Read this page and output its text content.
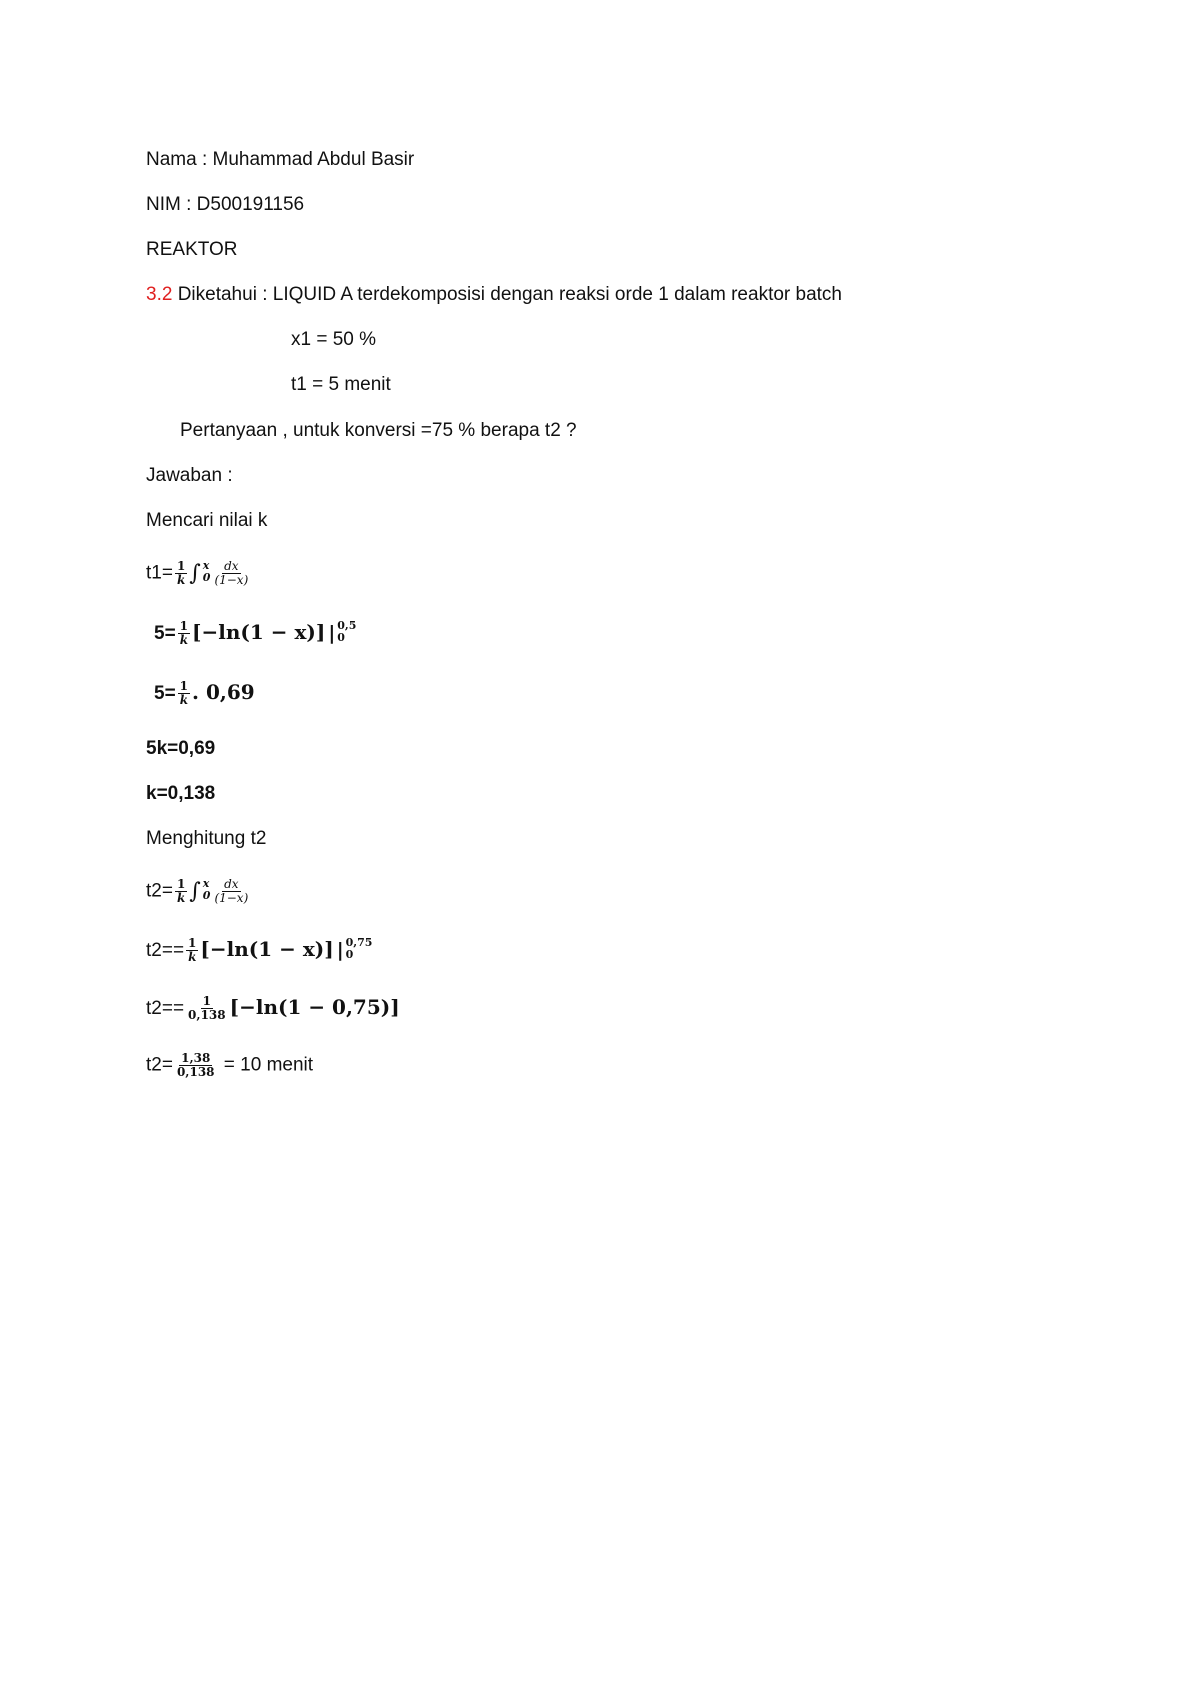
Nama : Muhammad Abdul Basir
NIM : D500191156
REAKTOR
3.2 Diketahui : LIQUID A terdekomposisi dengan reaksi orde 1 dalam reaktor batch
x1 = 50 %
t1 = 5 menit
Pertanyaan , untuk konversi =75 % berapa t2 ?
Jawaban :
Mencari nilai k
$t1= \frac{1}{k}$ ∫ x
$0 \frac{dx}{(1-x)}$
$5= \frac{1}{k} [-\ln(1 - x)]$ | 0,5
0
$5= \frac{1}{k}$ . 0,69
5k=0,69
k=0,138
Menghitung t2
$t2= \frac{1}{k}$ ∫ x
$0 \frac{dx}{(1-x)}$
$t2== \frac{1}{k} [-\ln(1 - x)]$ | 0,75
0
$t2== \frac{1}{0,138} [-\ln(1 - 0,75)]$
$t2= \frac{1,38}{0,138} = 10$ menit
